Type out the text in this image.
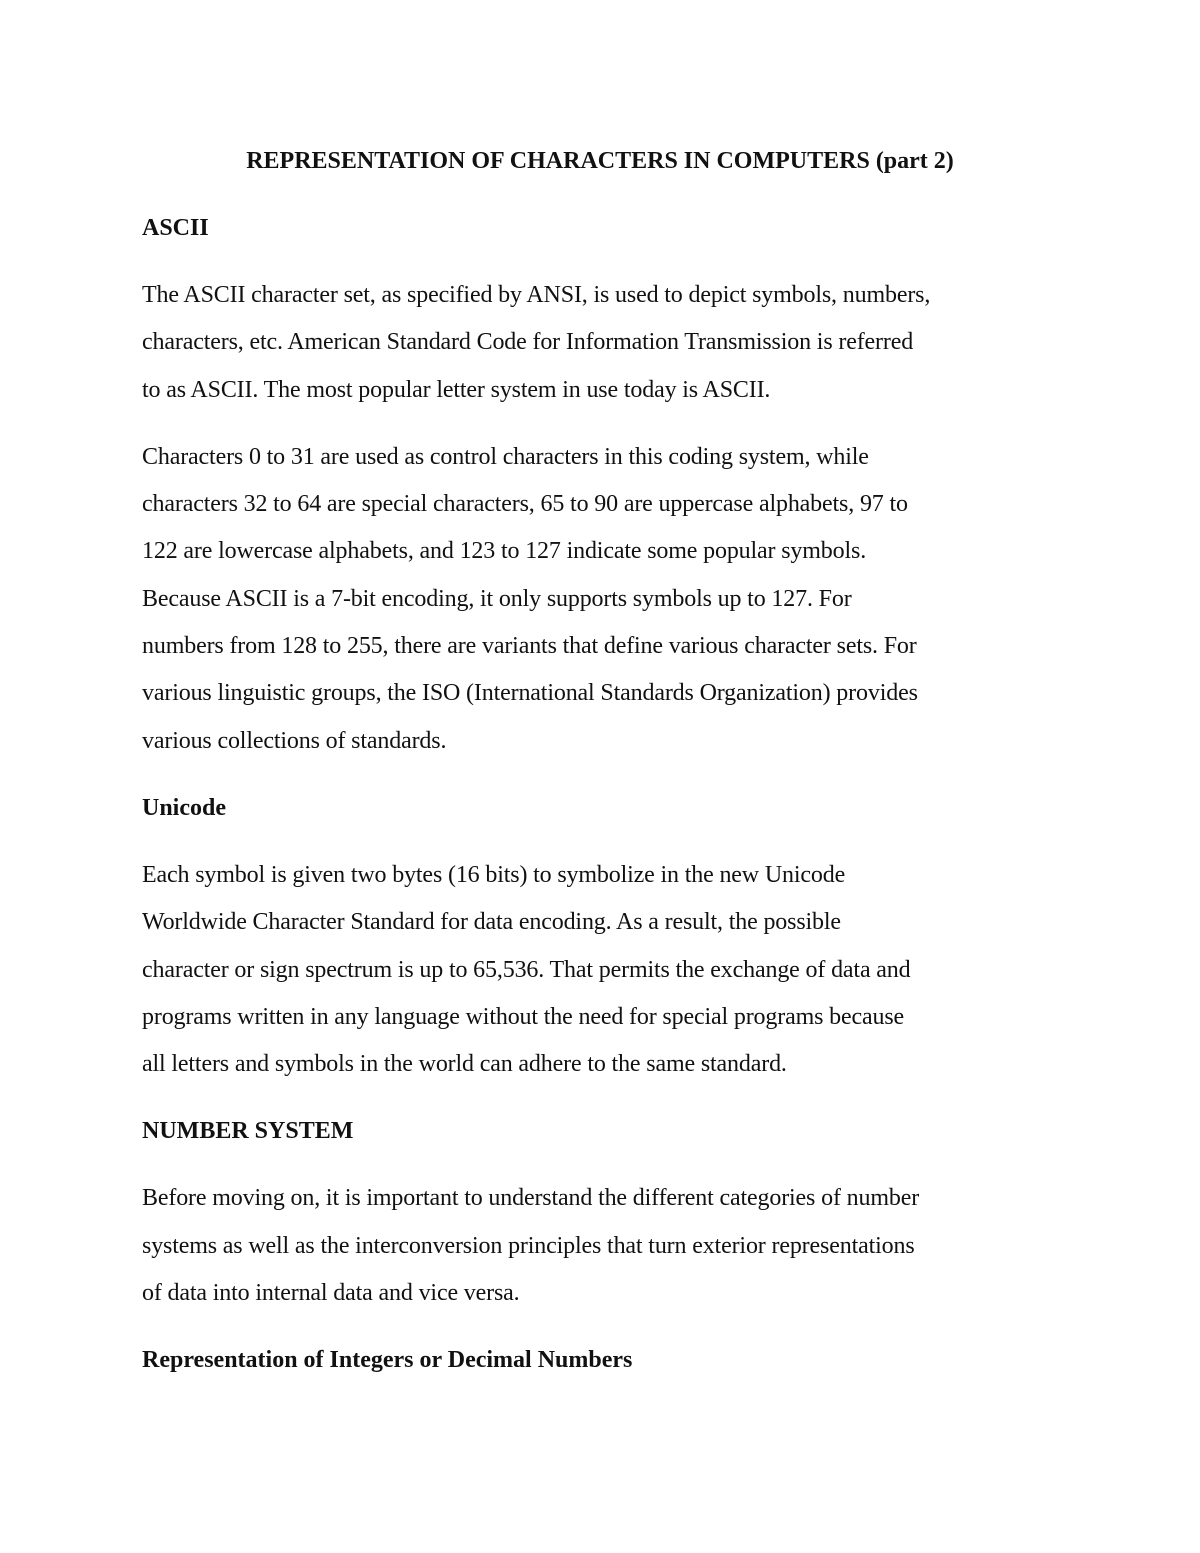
REPRESENTATION OF CHARACTERS IN COMPUTERS (part 2)
ASCII

The ASCII character set, as specified by ANSI, is used to depict symbols, numbers,
characters, etc. American Standard Code for Information Transmission is referred
to as ASCII. The most popular letter system in use today is ASCII.

Characters 0 to 31 are used as control characters in this coding system, while
characters 32 to 64 are special characters, 65 to 90 are uppercase alphabets, 97 to
122 are lowercase alphabets, and 123 to 127 indicate some popular symbols.
Because ASCII is a 7-bit encoding, it only supports symbols up to 127. For
numbers from 128 to 255, there are variants that define various character sets. For
various linguistic groups, the ISO (International Standards Organization) provides
various collections of standards.

Unicode

Each symbol is given two bytes (16 bits) to symbolize in the new Unicode
Worldwide Character Standard for data encoding. As a result, the possible
character or sign spectrum is up to 65,536. That permits the exchange of data and
programs written in any language without the need for special programs because
all letters and symbols in the world can adhere to the same standard.

NUMBER SYSTEM

Before moving on, it is important to understand the different categories of number
systems as well as the interconversion principles that turn exterior representations
of data into internal data and vice versa.

Representation of Integers or Decimal Numbers
